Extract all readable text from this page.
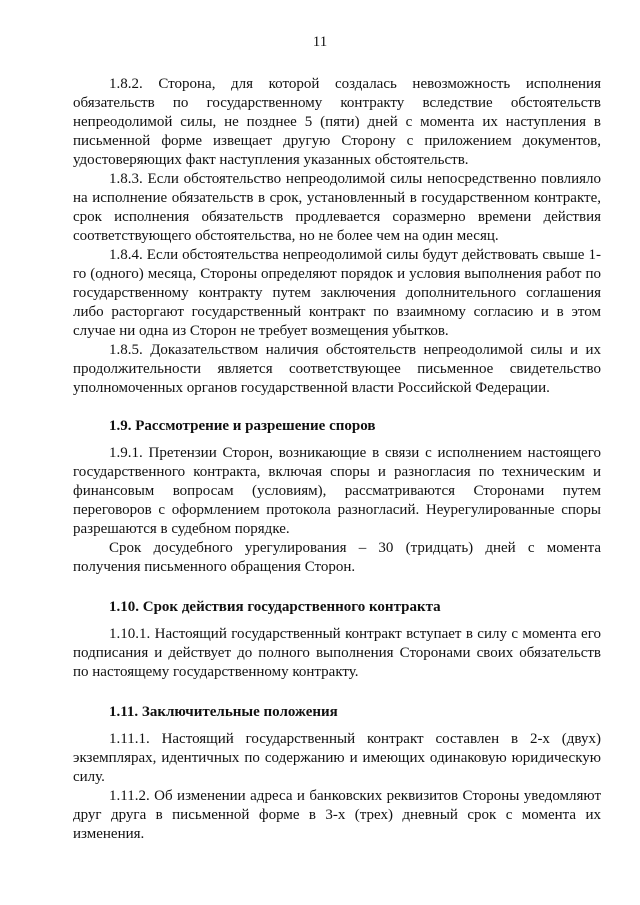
11

1.8.2. Сторона, для которой создалась невозможность исполнения обязательств по государственному контракту вследствие обстоятельств непреодолимой силы, не позднее 5 (пяти) дней с момента их наступления в письменной форме извещает другую Сторону с приложением документов, удостоверяющих факт наступления указанных обстоятельств.

1.8.3. Если обстоятельство непреодолимой силы непосредственно повлияло на исполнение обязательств в срок, установленный в государственном контракте, срок исполнения обязательств продлевается соразмерно времени действия соответствующего обстоятельства, но не более чем на один месяц.

1.8.4. Если обстоятельства непреодолимой силы будут действовать свыше 1-го (одного) месяца, Стороны определяют порядок и условия выполнения работ по государственному контракту путем заключения дополнительного соглашения либо расторгают государственный контракт по взаимному согласию и в этом случае ни одна из Сторон не требует возмещения убытков.

1.8.5. Доказательством наличия обстоятельств непреодолимой силы и их продолжительности является соответствующее письменное свидетельство уполномоченных органов государственной власти Российской Федерации.

1.9. Рассмотрение и разрешение споров

1.9.1. Претензии Сторон, возникающие в связи с исполнением настоящего государственного контракта, включая споры и разногласия по техническим и финансовым вопросам (условиям), рассматриваются Сторонами путем переговоров с оформлением протокола разногласий. Неурегулированные споры разрешаются в судебном порядке.

Срок досудебного урегулирования – 30 (тридцать) дней с момента получения письменного обращения Сторон.

1.10. Срок действия государственного контракта

1.10.1. Настоящий государственный контракт вступает в силу с момента его подписания и действует до полного выполнения Сторонами своих обязательств по настоящему государственному контракту.

1.11. Заключительные положения

1.11.1. Настоящий государственный контракт составлен в 2-х (двух) экземплярах, идентичных по содержанию и имеющих одинаковую юридическую силу.

1.11.2. Об изменении адреса и банковских реквизитов Стороны уведомляют друг друга в письменной форме в 3-х (трех) дневный срок с момента их изменения.
